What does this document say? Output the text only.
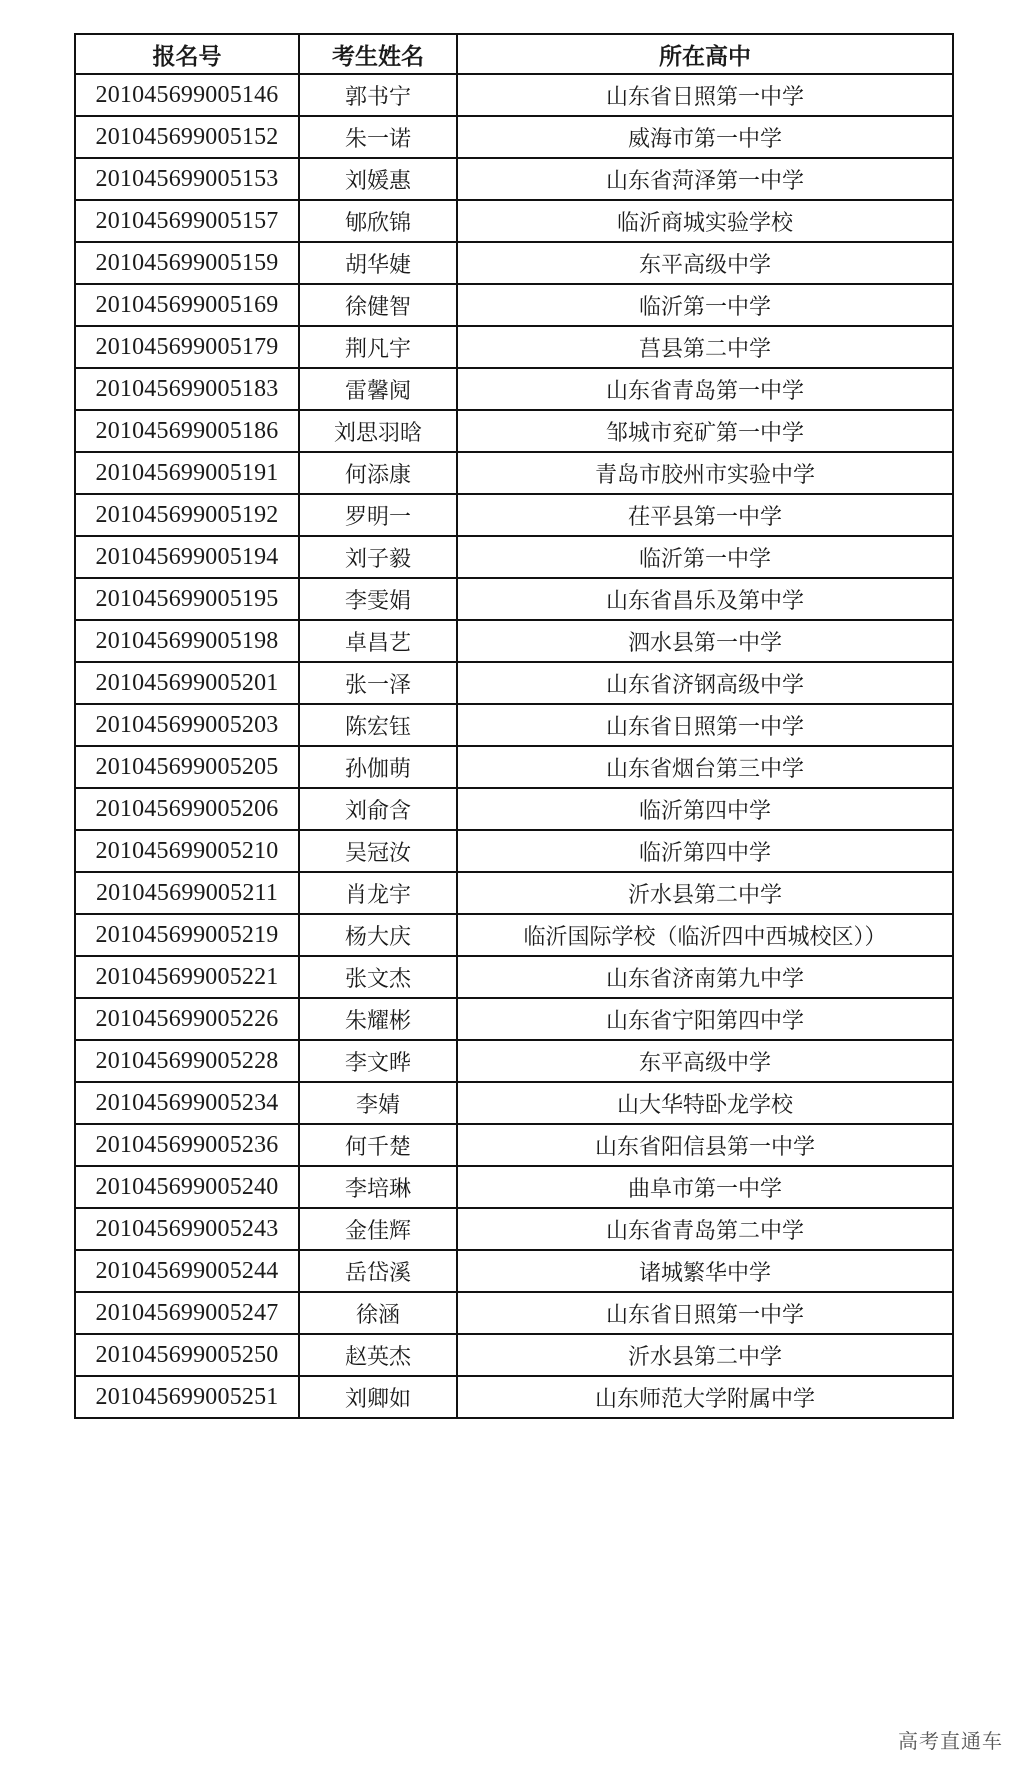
报名号	考生姓名	所在高中
201045699005146	郭书宁	山东省日照第一中学
201045699005152	朱一诺	威海市第一中学
201045699005153	刘媛惠	山东省菏泽第一中学
201045699005157	郇欣锦	临沂商城实验学校
201045699005159	胡华婕	东平高级中学
201045699005169	徐健智	临沂第一中学
201045699005179	荆凡宇	莒县第二中学
201045699005183	雷馨阋	山东省青岛第一中学
201045699005186	刘思羽晗	邹城市兖矿第一中学
201045699005191	何添康	青岛市胶州市实验中学
201045699005192	罗明一	茌平县第一中学
201045699005194	刘子毅	临沂第一中学
201045699005195	李雯娟	山东省昌乐及第中学
201045699005198	卓昌艺	泗水县第一中学
201045699005201	张一泽	山东省济钢高级中学
201045699005203	陈宏钰	山东省日照第一中学
201045699005205	孙伽萌	山东省烟台第三中学
201045699005206	刘俞含	临沂第四中学
201045699005210	吴冠汝	临沂第四中学
201045699005211	肖龙宇	沂水县第二中学
201045699005219	杨大庆	临沂国际学校（临沂四中西城校区））
201045699005221	张文杰	山东省济南第九中学
201045699005226	朱耀彬	山东省宁阳第四中学
201045699005228	李文晔	东平高级中学
201045699005234	李婧	山大华特卧龙学校
201045699005236	何千楚	山东省阳信县第一中学
201045699005240	李培琳	曲阜市第一中学
201045699005243	金佳辉	山东省青岛第二中学
201045699005244	岳岱溪	诸城繁华中学
201045699005247	徐涵	山东省日照第一中学
201045699005250	赵英杰	沂水县第二中学
201045699005251	刘卿如	山东师范大学附属中学
高考直通车
